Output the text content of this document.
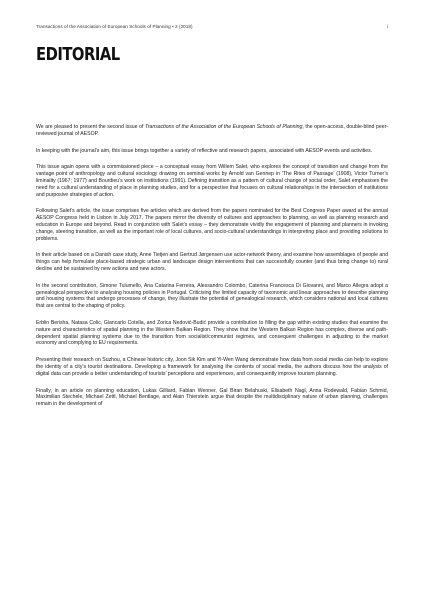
Transactions of the Association of European Schools of Planning • 2 (2018)	i
EDITORIAL

We are pleased to present the second issue of Transactions of the Association of the European Schools of Planning, the open-access, double-blind peer-reviewed journal of AESOP.

In keeping with the journal’s aim, this issue brings together a variety of reflective and research papers, associated with AESOP events and activities.

This issue again opens with a commissioned piece – a conceptual essay from Willem Salet, who explores the concept of transition and change from the vantage point of anthropology and cultural sociology drawing on seminal works by Arnold van Gennep in ‘The Rites of Passage’ (1908), Victor Turner’s liminality (1967; 1977) and Bourdieu’s work on institutions (1991). Defining transition as a pattern of cultural change of social order, Salet emphasises the need for a cultural understanding of place in planning studies, and for a perspective that focuses on cultural relationships in the intersection of institutions and purposive strategies of action.

Following Salet’s article, the issue comprises five articles which are derived from the papers nominated for the Best Congress Paper award at the annual AESOP Congress held in Lisbon in July 2017. The papers mirror the diversity of cultures and approaches to planning, as well as planning research and education in Europe and beyond. Read in conjunction with Salet’s essay – they demonstrate vividly the engagement of planning and planners in invoking change, steering transition, as well as the important role of local cultures, and socio-cultural understandings in interpreting place and providing solutions to problems.

In their article based on a Danish case study, Anne Tietjen and Gertrud Jørgensen use actor-network theory, and examine how assemblages of people and things can help formulate place-based strategic urban and landscape design interventions that can successfully counter (and thus bring change to) rural decline and be sustained by new actions and new actors.

In the second contribution, Simone Tulumello, Ana Catarina Ferreira, Alessandro Colombo, Caterina Francesca Di Giovanni, and Marco Allegra adopt a genealogical perspective to analysing housing policies in Portugal. Criticising the limited capacity of taxonomic and linear approaches to describe planning and housing systems that undergo processes of change, they illustrate the potential of genealogical research, which considers national and local cultures that are central to the shaping of policy.

Erblin Berisha, Natasa Colic, Giancarlo Cotella, and Zorica Nedović-Budić provide a contribution to filling the gap within existing studies that examine the nature and characteristics of spatial planning in the Western Balkan Region. They show that the Western Balkan Region has complex, diverse and path-dependent spatial planning systems due to the transition from socialist/communist regimes, and consequent challenges in adjusting to the market economy and complying to EU requirements.

Presenting their research on Suzhou, a Chinese historic city, Joon Sik Kim and Yi-Wen Wang demonstrate how data from social media can help to explore the identity of a city’s tourist destinations. Developing a framework for analysing the contents of social media, the authors discuss how the analysis of digital data can provide a better understanding of tourists’ perceptions and experiences, and consequently improve tourism planning.

Finally, in an article on planning education, Lukas Gilliard, Fabian Wenner, Gal Biran Belahuski, Elisabeth Nagl, Anna Rodewald, Fabian Schmid, Maximilian Stechele, Michael Zettl, Michael Bentlage, and Alain Thierstein argue that despite the multidisciplinary nature of urban planning, challenges remain in the development of
